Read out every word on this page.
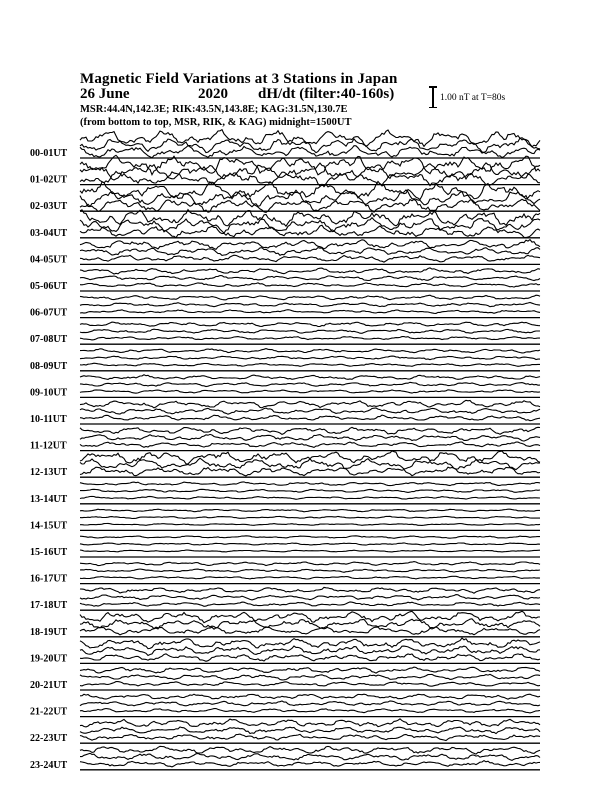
Magnetic Field Variations at 3 Stations in Japan
26 June	2020 dH/dt (filter:40-160s)
MSR:44.4N,142.3E; RIK:43.5N,143.8E; KAG:31.5N,130.7E
(from bottom to top, MSR, RIK, & KAG) midnight=1500UT
1.00 nT at T=80s
00-01UT
01-02UT
02-03UT
03-04UT
04-05UT
05-06UT
06-07UT
07-08UT
08-09UT
09-10UT
10-11UT
11-12UT
12-13UT
13-14UT
14-15UT
15-16UT
16-17UT
17-18UT
18-19UT
19-20UT
20-21UT
21-22UT
22-23UT
23-24UT
